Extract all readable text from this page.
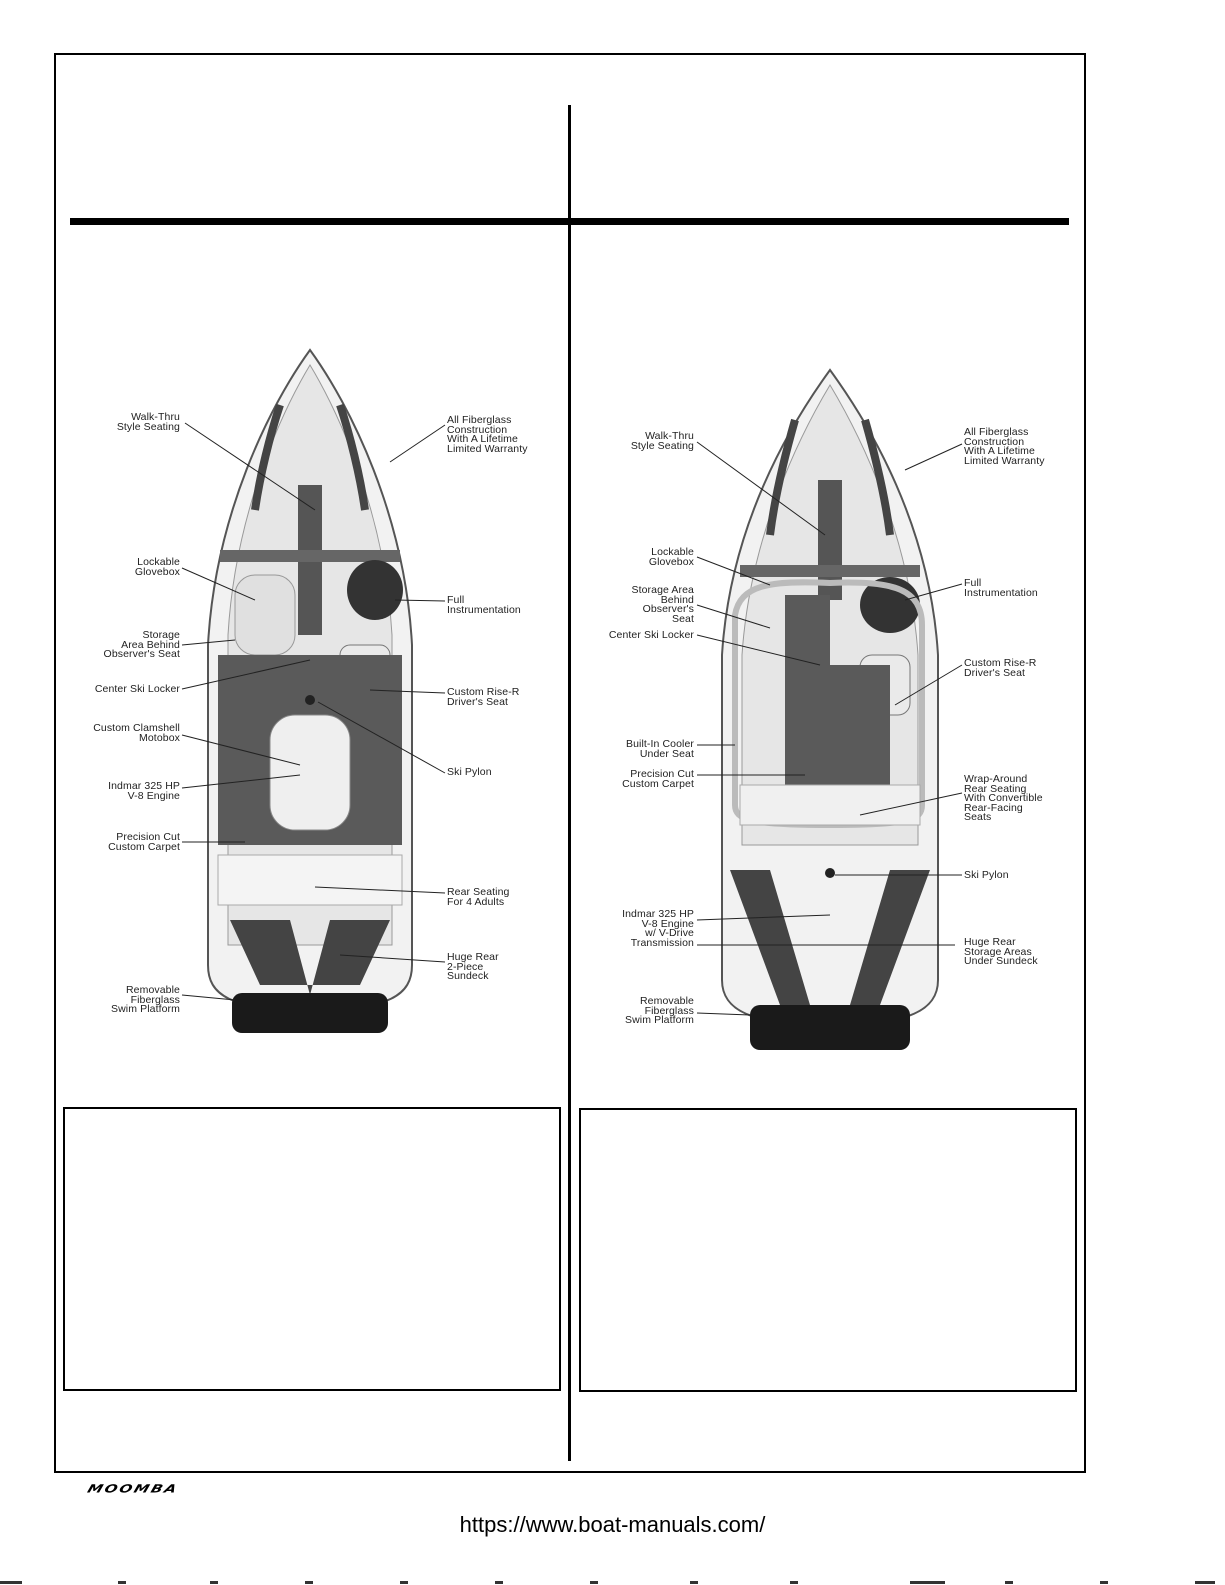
Walk-Thru
Style Seating
All Fiberglass
Construction
With A Lifetime
Limited Warranty
Lockable
Glovebox
Full
Instrumentation
Storage
Area Behind
Observer's Seat
Center Ski Locker	Custom Rise-R
Driver's Seat
Custom Clamshell
Motobox
Ski Pylon
Indmar 325 HP
V-8 Engine
Precision Cut
Custom Carpet
Rear Seating
For 4 Adults
Huge Rear
2-Piece
Sundeck
Removable
Fiberglass
Swim Platform
Walk-Thru
Style Seating
All Fiberglass
Construction
With A Lifetime
Limited Warranty
Lockable
Glovebox
Full
Instrumentation
Storage Area
Behind
Observer's
Seat
Center Ski Locker
Custom Rise-R
Driver's Seat
Built-In Cooler
Under Seat
Precision Cut
Custom Carpet	Wrap-Around
Rear Seating
With Convertible
Rear-Facing
Seats
Ski Pylon
Indmar 325 HP
V-8 Engine
w/ V-Drive
Transmission	Huge Rear
Storage Areas
Under Sundeck
Removable
Fiberglass
Swim Platform
MOOMBA
https://www.boat-manuals.com/
